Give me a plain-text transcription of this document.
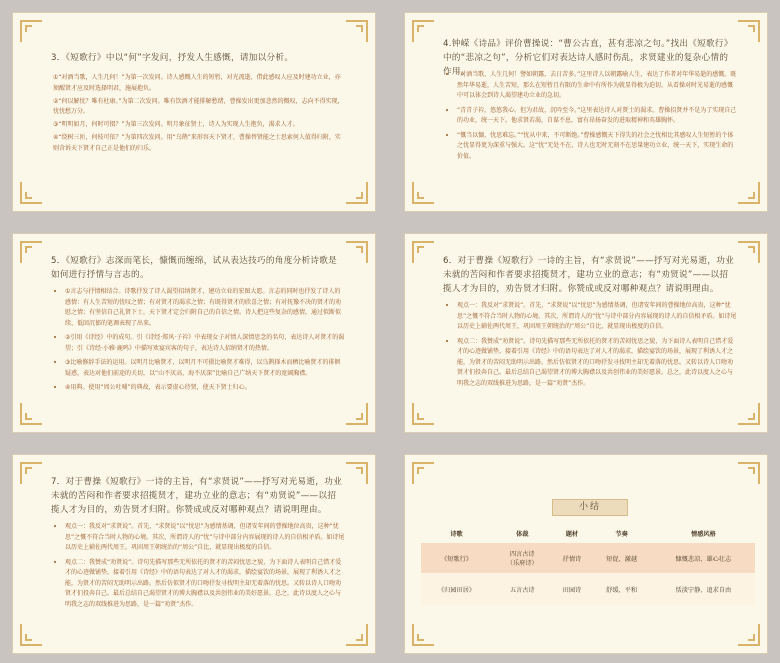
3．《短歌行》中以“何”字发问，抒发人生感慨，请加以分析。

①“对酒当歌，人生几何！”为第一次发问。诗人感慨人生的短暂，对光流逝，借此感叹人应及时建功立业，亦须醒贤才应及时选择明君，施展抱负。

②“何以解忧？唯有杜康。”为第二次发问。唯有饮酒才能排解愁绪，曹操发出更加悲然的慨叹，志向不得实现，忧忧愁万分。

③“明明如月，何时可掇？”为第三次发问。明月象征贤士，诗人为实现人生抱负，渴求人才。

④“绕树三匝，何枝可依？”为第四次发问。用“乌鹊”来形容天下贤才，曹操替贤能之士思索何人值得归附，实则含诉天下贤才自己正是他们的归乐。

4.钟嵘《诗品》评价曹操说：“曹公古直，甚有悲凉之句。”找出《短歌行》中的“悲凉之句”，分析它们对表达诗人感时伤乱，求贤建业的复杂心情的作用。
• “对酒当歌，人生几何！譬如朝露，去日苦多。”这里诗人以朝露喻人生，表达了作者对年华易逝的感慨。既然年华易逝，人生苦短，那么在短暂且有限的生命中有所作为就显得极为迫切，从看操对时光易逝的感慨中可以体会到诗人渴望建功立业的急切。
• “青青子衿，悠悠我心。但为君故，沉吟至今。”这里表达诗人对贤士的渴求。曹操招贤并不是为了实现自己的功业，统一天下。他求贤若渴，自谋不息，富有昂扬奋发的进取精神和英雄胸怀。
• “慨当以慷，忧思难忘。”“忧从中来，不可断绝。”曹操感慨天下得失的社会之忧相比其感叹人生短暂的个体之忧显得更为深重与强大。这“忧”无处不在，诗人也无时无刻不在思量建功立业，统一天下，实现生命的价值。
5．《短歌行》志深而笔长，慷慨而缠绵，试从表达技巧的角度分析诗歌是如何进行抒情与言志的。
• ①言志与抒情相结合。诗歌抒发了诗人渴望招纳贤才，建功立业的宏图大愿。言志的同时也抒发了诗人的感情：有人生苦短的忧叹之情；有对贤才的渴求之情；有既得贤才的欣喜之情；有对抚豫不决的贤才的劝慰之情；有坚信自己礼贤下士，天下贤才定会归附自己的自信之情。诗人把这些复杂的感情，通过似断似续、低回沉郁的笔调表现了出来。
• ②引用《诗经》中的成句。引《诗经·郑风·子衿》中表现女子对情人深情思念的名句，表达诗人对贤才的渴望；引《诗经·小雅·鹿鸣》中描写欢宴宾客的句子，表达诗人招纳贤才的热情。
• ③比喻修辞手法的运用。以明月比喻贤才，以明月不可摄比喻贤才难得，以乌鹊择木而栖比喻贤才的徘徊疑惑，表达对他们前途的关切，以“山不厌高，海不厌深”比喻自己广纳天下贤才的宽阔胸襟。
• ④用典。使用“周公吐哺”的典故，表示要虚心待贤，使天下贤士归心。
6．对于曹操《短歌行》一诗的主旨，有“求贤说”——抒写对光易逝，功业未就的苦闷和作者要求招揽贤才，建功立业的意志；有“劝贤说”——以招揽人才为目的，劝告贤才归附。你赞成或反对哪种观点？请说明理由。
• 观点一：我反对“求贤说”。首先，“求贤说”以“忧思”为感情基调，但诸安年间的曹操地位高贵，这种“忧思”之慨不符合当时人物的心境。其次，所谓诗人的“忧”与诗中部分内容展现的诗人的自信相矛盾。如诗尾以历史上辅佐两代周王，巩固周王朝统治的“周公”自比，就显现出极度的自信。
• 观点二：我赞成“劝贤说”。诗句先描写那些无所依托的贤才的苦闷忧思之貌，为下面诗人表明自己惜才爱才的心迹做铺垫。接着引用《诗经》中的语句表达了对人才的渴求，描绘宴饮的场景，展现了利诱人才之能，为贤才的苦闷无助明示出路。然后仿似贤才的口吻抒发寻找明主却无着落的忧思。又转以诗人口吻劝贤才们投奔自己。最后总结自己渴望贤才的博大胸襟以及共创伟业的美好愿景。总之，此诗以度人之心与明我之志的双线推进为思路，是一篇“劝贤”杰作。
7．对于曹操《短歌行》一诗的主旨，有“求贤说”——抒写对光易逝，功业未就的苦闷和作者要求招揽贤才，建功立业的意志；有“劝贤说”——以招揽人才为目的，劝告贤才归附。你赞成或反对哪种观点？请说明理由。
• 观点一：我反对“求贤说”。首先，“求贤说”以“忧思”为感情基调，但诸安年间的曹操地位高贵，这种“忧思”之慨不符合当时人物的心境。其次，所谓诗人的“忧”与诗中部分内容展现的诗人的自信相矛盾。如诗尾以历史上辅佐两代周王，巩固周王朝统治的“周公”自比，就显现出极度的自信。
• 观点二：我赞成“劝贤说”。诗句先描写那些无所依托的贤才的苦闷忧思之貌，为下面诗人表明自己惜才爱才的心迹做铺垫。接着引用《诗经》中的语句表达了对人才的渴求，描绘宴饮的场景，展现了利诱人才之能，为贤才的苦闷无助明示出路。然后仿似贤才的口吻抒发寻找明主却无着落的忧思。又转以诗人口吻劝贤才们投奔自己。最后总结自己渴望贤才的博大胸襟以及共创伟业的美好愿景。总之，此诗以度人之心与明我之志的双线推进为思路，是一篇“劝贤”杰作。
小结
诗歌	体裁	题材	节奏	情感风格
《短歌行》	四言古诗
（乐府诗）	抒情诗	短促、激越	慷慨悲凉、雄心壮志
《归园田居》	五言古诗	田园诗	舒缓、平和	恬淡宁静、追求自由
